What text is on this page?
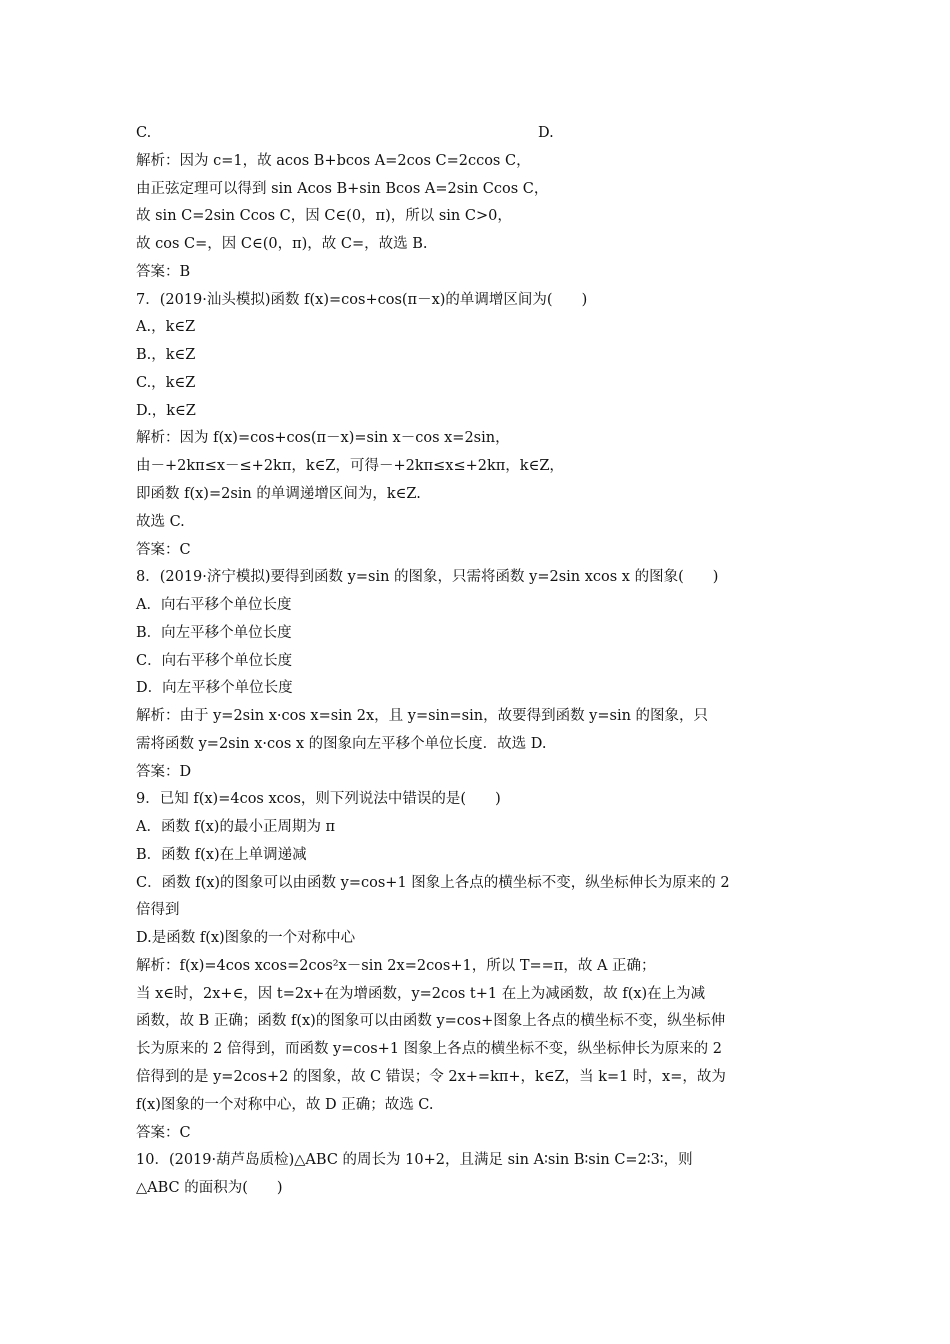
C.
解析：因为 c=1，故 acos B+bcos A=2cos C=2ccos C，
由正弦定理可以得到 sin Acos B+sin Bcos A=2sin Ccos C，
故 sin C=2sin Ccos C，因 C∈(0，π)，所以 sin C>0，
故 cos C=，因 C∈(0，π)，故 C=，故选 B.
答案：B
7．(2019·汕头模拟)函数 f(x)=cos+cos(π－x)的单调增区间为(　　)
A.，k∈Z
B.，k∈Z
C.，k∈Z
D.，k∈Z
解析：因为 f(x)=cos+cos(π－x)=sin x－cos x=2sin，
由－+2kπ≤x－≤+2kπ，k∈Z，可得－+2kπ≤x≤+2kπ，k∈Z，
即函数 f(x)=2sin 的单调递增区间为，k∈Z.
故选 C.
答案：C
8．(2019·济宁模拟)要得到函数 y=sin 的图象，只需将函数 y=2sin xcos x 的图象(　　)
A．向右平移个单位长度
B．向左平移个单位长度
C．向右平移个单位长度
D．向左平移个单位长度
解析：由于 y=2sin x·cos x=sin 2x，且 y=sin=sin，故要得到函数 y=sin 的图象，只
需将函数 y=2sin x·cos x 的图象向左平移个单位长度．故选 D.
答案：D
9．已知 f(x)=4cos xcos，则下列说法中错误的是(　　)
A．函数 f(x)的最小正周期为 π
B．函数 f(x)在上单调递减
C．函数 f(x)的图象可以由函数 y=cos+1 图象上各点的横坐标不变，纵坐标伸长为原来的 2
倍得到
D.是函数 f(x)图象的一个对称中心
解析：f(x)=4cos xcos=2cos²x－sin 2x=2cos+1，所以 T==π，故 A 正确；
当 x∈时，2x+∈，因 t=2x+在为增函数，y=2cos t+1 在上为减函数，故 f(x)在上为减
函数，故 B 正确；函数 f(x)的图象可以由函数 y=cos+图象上各点的横坐标不变，纵坐标伸
长为原来的 2 倍得到，而函数 y=cos+1 图象上各点的横坐标不变，纵坐标伸长为原来的 2
倍得到的是 y=2cos+2 的图象，故 C 错误；令 2x+=kπ+，k∈Z，当 k=1 时，x=，故为
f(x)图象的一个对称中心，故 D 正确；故选 C.
答案：C
10．(2019·葫芦岛质检)△ABC 的周长为 10+2，且满足 sin A∶sin B∶sin C=2∶3∶，则
△ABC 的面积为(　　)
D.
